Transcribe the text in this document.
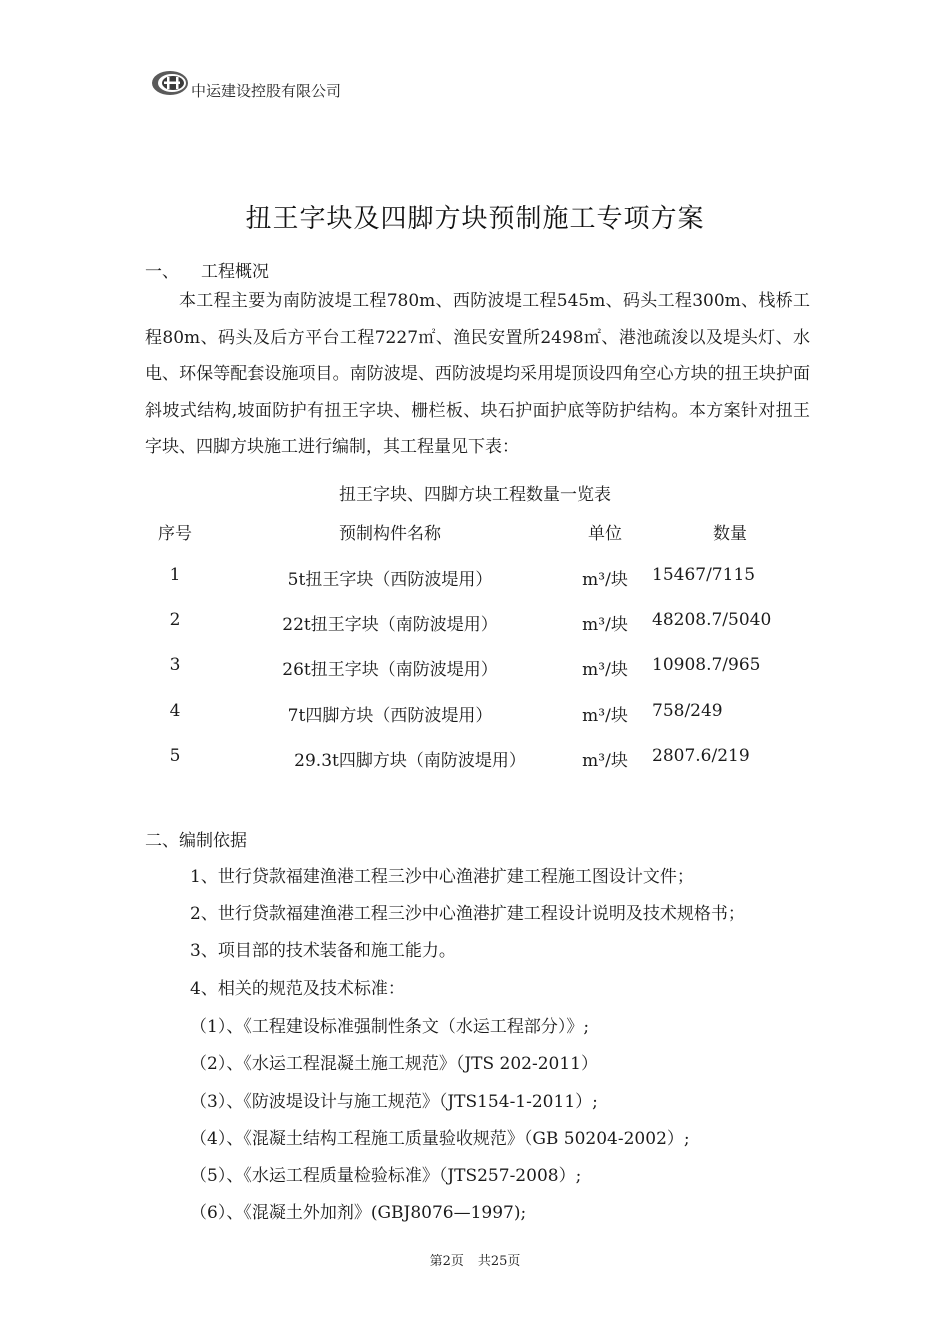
中运建设控股有限公司
扭王字块及四脚方块预制施工专项方案
一、 工程概况
本工程主要为南防波堤工程780m、西防波堤工程545m、码头工程300m、栈桥工程80m、码头及后方平台工程7227㎡、渔民安置所2498㎡、港池疏浚以及堤头灯、水电、环保等配套设施项目。南防波堤、西防波堤均采用堤顶设四角空心方块的扭王块护面斜坡式结构,坡面防护有扭王字块、栅栏板、块石护面护底等防护结构。本方案针对扭王字块、四脚方块施工进行编制，其工程量见下表：
扭王字块、四脚方块工程数量一览表
序号	预制构件名称	单位	数量
1	5t扭王字块（西防波堤用）	m³/块	15467/7115
2	22t扭王字块（南防波堤用）	m³/块	48208.7/5040
3	26t扭王字块（南防波堤用）	m³/块	10908.7/965
4	7t四脚方块（西防波堤用）	m³/块	758/249
5	29.3t四脚方块（南防波堤用）	m³/块	2807.6/219
二、编制依据
1、世行贷款福建渔港工程三沙中心渔港扩建工程施工图设计文件；
2、世行贷款福建渔港工程三沙中心渔港扩建工程设计说明及技术规格书；
3、项目部的技术装备和施工能力。
4、相关的规范及技术标准：
（1）、《工程建设标准强制性条文（水运工程部分）》;
（2）、《水运工程混凝土施工规范》（JTS 202-2011）
（3）、《防波堤设计与施工规范》（JTS154-1-2011）;
（4）、《混凝土结构工程施工质量验收规范》（GB 50204-2002）;
（5）、《水运工程质量检验标准》（JTS257-2008）;
（6）、《混凝土外加剂》(GBJ8076—1997);
第2页 共25页
